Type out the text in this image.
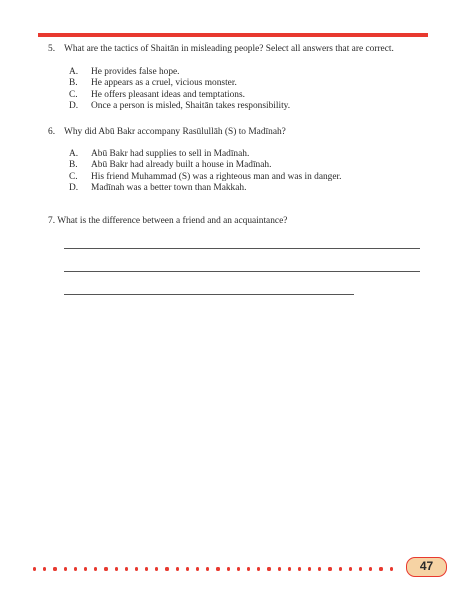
5. What are the tactics of Shaitān in misleading people? Select all answers that are correct.
A. He provides false hope.
B. He appears as a cruel, vicious monster.
C. He offers pleasant ideas and temptations.
D. Once a person is misled, Shaitān takes responsibility.
6. Why did Abū Bakr accompany Rasūlullāh (S) to Madīnah?
A. Abū Bakr had supplies to sell in Madīnah.
B. Abū Bakr had already built a house in Madīnah.
C. His friend Muhammad (S) was a righteous man and was in danger.
D. Madīnah was a better town than Makkah.
7. What is the difference between a friend and an acquaintance?
47
